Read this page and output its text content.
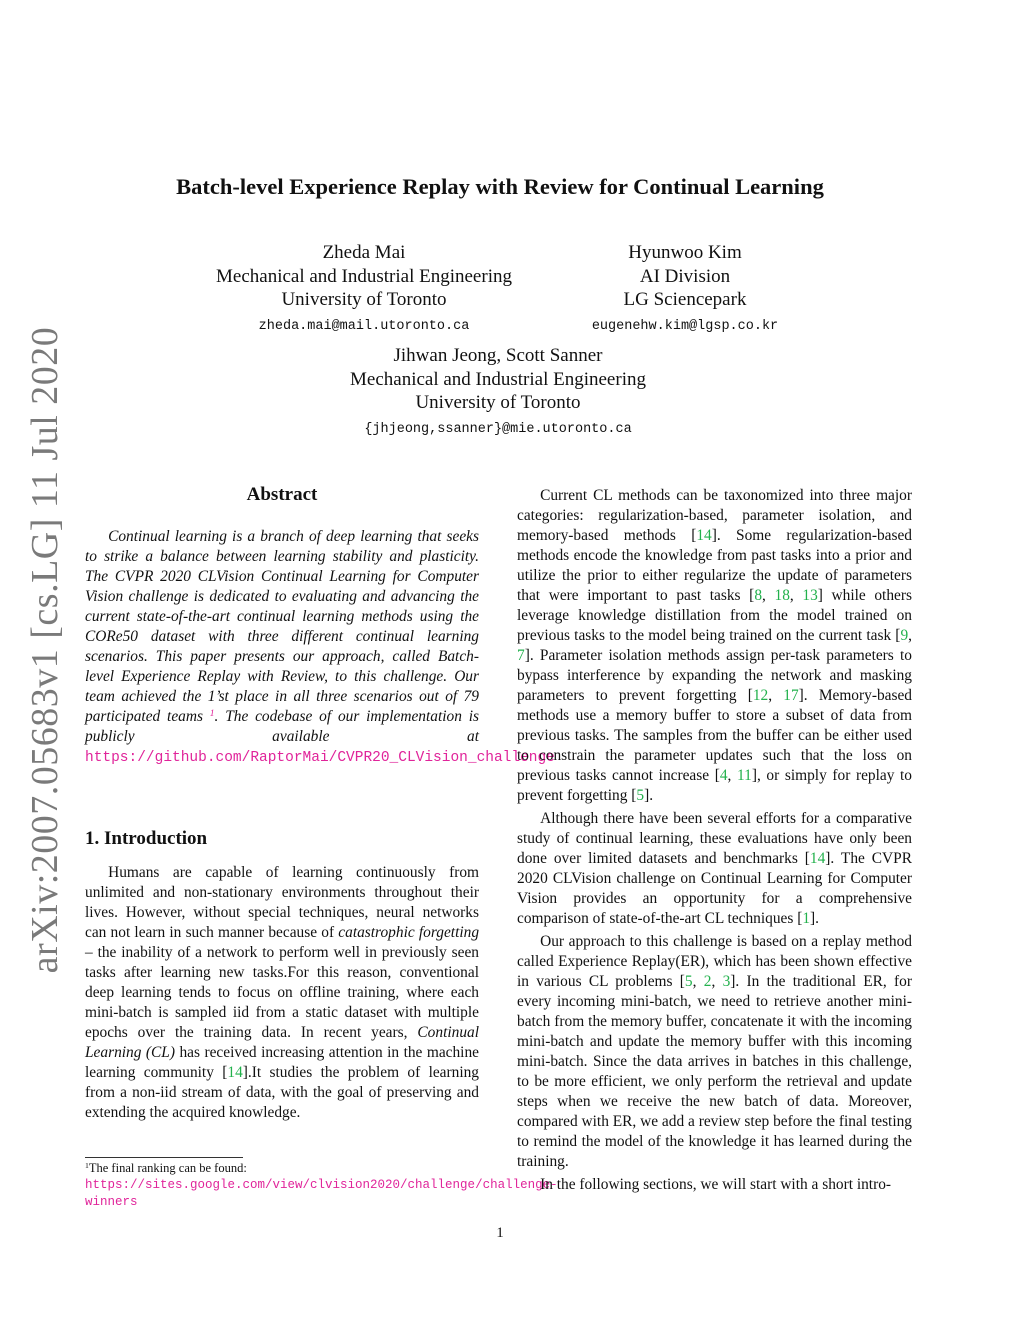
arXiv:2007.05683v1 [cs.LG] 11 Jul 2020
Batch-level Experience Replay with Review for Continual Learning
Zheda Mai
Mechanical and Industrial Engineering
University of Toronto
zheda.mai@mail.utoronto.ca
Hyunwoo Kim
AI Division
LG Sciencepark
eugenehw.kim@lgsp.co.kr
Jihwan Jeong, Scott Sanner
Mechanical and Industrial Engineering
University of Toronto
{jhjeong,ssanner}@mie.utoronto.ca
Abstract

Continual learning is a branch of deep learning that seeks to strike a balance between learning stability and plasticity. The CVPR 2020 CLVision Continual Learning for Computer Vision challenge is dedicated to evaluating and advancing the current state-of-the-art continual learning methods using the CORe50 dataset with three different continual learning scenarios. This paper presents our approach, called Batch-level Experience Replay with Review, to this challenge. Our team achieved the 1’st place in all three scenarios out of 79 participated teams $^1$. The codebase of our implementation is publicly available at https://github.com/RaptorMai/CVPR20_CLVision_challenge

1. Introduction

Humans are capable of learning continuously from unlimited and non-stationary environments throughout their lives. However, without special techniques, neural networks can not learn in such manner because of catastrophic forgetting – the inability of a network to perform well in previously seen tasks after learning new tasks.For this reason, conventional deep learning tends to focus on offline training, where each mini-batch is sampled iid from a static dataset with multiple epochs over the training data. In recent years, Continual Learning (CL) has received increasing attention in the machine learning community [14].It studies the problem of learning from a non-iid stream of data, with the goal of preserving and extending the acquired knowledge.

$^1$The final ranking can be found: https://sites.google.com/view/clvision2020/challenge/challenge-winners

Current CL methods can be taxonomized into three major categories: regularization-based, parameter isolation, and memory-based methods [14]. Some regularization-based methods encode the knowledge from past tasks into a prior and utilize the prior to either regularize the update of parameters that were important to past tasks [8, 18, 13] while others leverage knowledge distillation from the model trained on previous tasks to the model being trained on the current task [9, 7]. Parameter isolation methods assign per-task parameters to bypass interference by expanding the network and masking parameters to prevent forgetting [12, 17]. Memory-based methods use a memory buffer to store a subset of data from previous tasks. The samples from the buffer can be either used to constrain the parameter updates such that the loss on previous tasks cannot increase [4, 11], or simply for replay to prevent forgetting [5].

Although there have been several efforts for a comparative study of continual learning, these evaluations have only been done over limited datasets and benchmarks [14]. The CVPR 2020 CLVision challenge on Continual Learning for Computer Vision provides an opportunity for a comprehensive comparison of state-of-the-art CL techniques [1].

Our approach to this challenge is based on a replay method called Experience Replay(ER), which has been shown effective in various CL problems [5, 2, 3]. In the traditional ER, for every incoming mini-batch, we need to retrieve another mini-batch from the memory buffer, concatenate it with the incoming mini-batch and update the memory buffer with this incoming mini-batch. Since the data arrives in batches in this challenge, to be more efficient, we only perform the retrieval and update steps when we receive the new batch of data. Moreover, compared with ER, we add a review step before the final testing to remind the model of the knowledge it has learned during the training.

In the following sections, we will start with a short intro-

1
